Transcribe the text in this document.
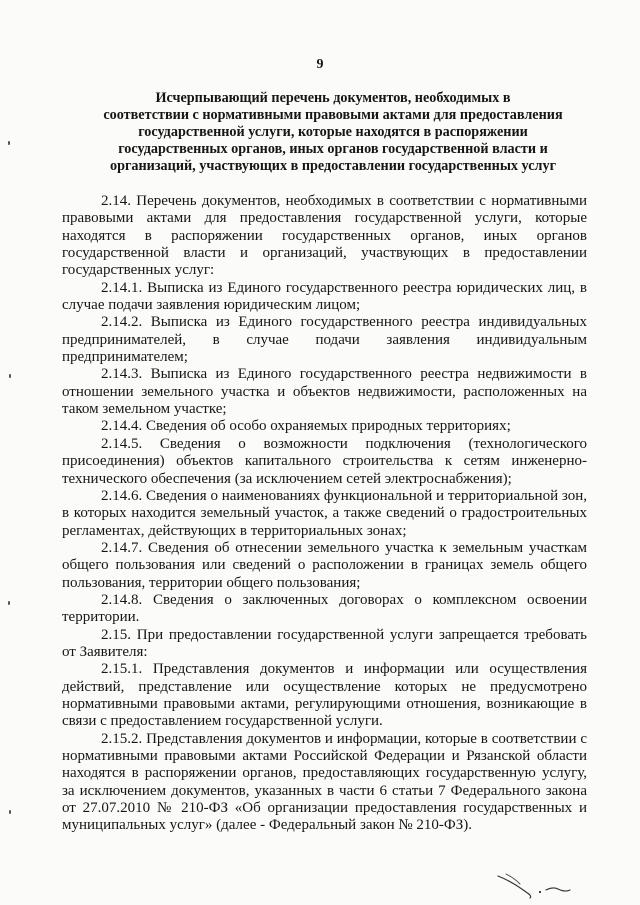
9
Исчерпывающий перечень документов, необходимых в
соответствии с нормативными правовыми актами для предоставления
государственной услуги, которые находятся в распоряжении
государственных органов, иных органов государственной власти и
организаций, участвующих в предоставлении государственных услуг

2.14. Перечень документов, необходимых в соответствии с нормативными правовыми актами для предоставления государственной услуги, которые находятся в распоряжении государственных органов, иных органов государственной власти и организаций, участвующих в предоставлении государственных услуг:

2.14.1. Выписка из Единого государственного реестра юридических лиц, в случае подачи заявления юридическим лицом;

2.14.2. Выписка из Единого государственного реестра индивидуальных предпринимателей, в случае подачи заявления индивидуальным предпринимателем;

2.14.3. Выписка из Единого государственного реестра недвижимости в отношении земельного участка и объектов недвижимости, расположенных на таком земельном участке;

2.14.4. Сведения об особо охраняемых природных территориях;

2.14.5. Сведения о возможности подключения (технологического присоединения) объектов капитального строительства к сетям инженерно-технического обеспечения (за исключением сетей электроснабжения);

2.14.6. Сведения о наименованиях функциональной и территориальной зон, в которых находится земельный участок, а также сведений о градостроительных регламентах, действующих в территориальных зонах;

2.14.7. Сведения об отнесении земельного участка к земельным участкам общего пользования или сведений о расположении в границах земель общего пользования, территории общего пользования;

2.14.8. Сведения о заключенных договорах о комплексном освоении территории.

2.15. При предоставлении государственной услуги запрещается требовать от Заявителя:

2.15.1. Представления документов и информации или осуществления действий, представление или осуществление которых не предусмотрено нормативными правовыми актами, регулирующими отношения, возникающие в связи с предоставлением государственной услуги.

2.15.2. Представления документов и информации, которые в соответствии с нормативными правовыми актами Российской Федерации и Рязанской области находятся в распоряжении органов, предоставляющих государственную услугу, за исключением документов, указанных в части 6 статьи 7 Федерального закона от 27.07.2010 № 210-ФЗ «Об организации предоставления государственных и муниципальных услуг» (далее - Федеральный закон № 210-ФЗ).
